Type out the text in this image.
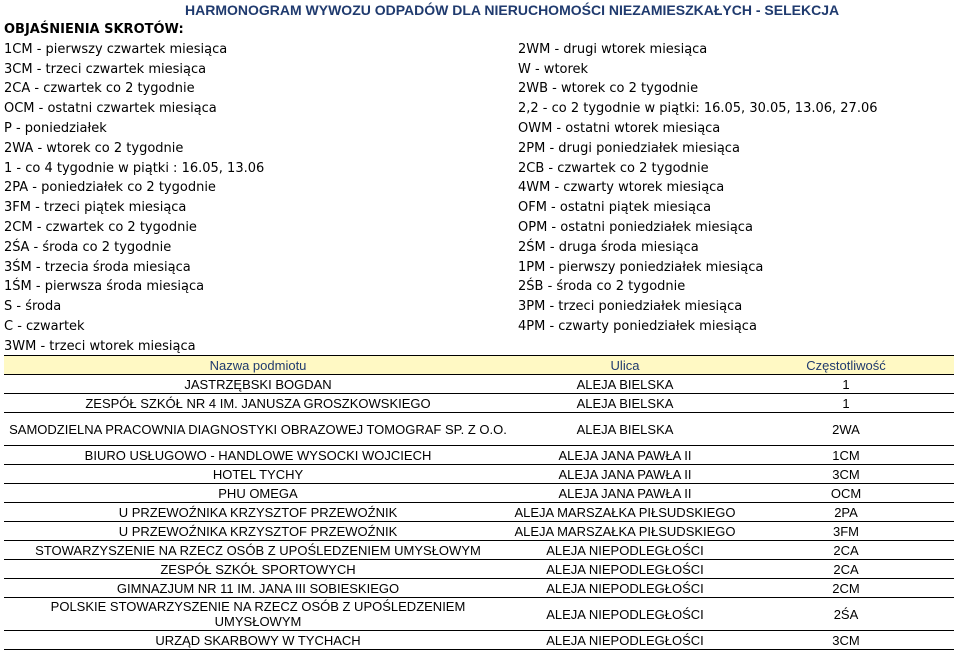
HARMONOGRAM WYWOZU ODPADÓW DLA NIERUCHOMOŚCI NIEZAMIESZKAŁYCH - SELEKCJA
OBJAŚNIENIA SKROTÓW:
1CM - pierwszy czwartek miesiąca
3CM - trzeci czwartek miesiąca
2CA - czwartek co 2 tygodnie
OCM - ostatni czwartek miesiąca
P - poniedziałek
2WA - wtorek co 2 tygodnie
1 - co 4 tygodnie w piątki : 16.05, 13.06
2PA - poniedziałek co 2 tygodnie
3FM - trzeci piątek miesiąca
2CM - czwartek co 2 tygodnie
2ŚA - środa co 2 tygodnie
3ŚM - trzecia środa miesiąca
1ŚM - pierwsza środa miesiąca
S - środa
C - czwartek
3WM - trzeci wtorek miesiąca
2WM - drugi wtorek miesiąca
W - wtorek
2WB - wtorek co 2 tygodnie
2,2 - co 2 tygodnie w piątki: 16.05, 30.05, 13.06, 27.06
OWM - ostatni wtorek miesiąca
2PM - drugi poniedziałek miesiąca
2CB - czwartek co 2 tygodnie
4WM - czwarty wtorek miesiąca
OFM - ostatni piątek miesiąca
OPM - ostatni poniedziałek miesiąca
2ŚM - druga środa miesiąca
1PM - pierwszy poniedziałek miesiąca
2ŚB - środa co 2 tygodnie
3PM - trzeci poniedziałek miesiąca
4PM - czwarty poniedziałek miesiąca
Nazwa podmiotu	Ulica	Częstotliwość
JASTRZĘBSKI BOGDAN	ALEJA BIELSKA	1
ZESPÓŁ SZKÓŁ NR 4 IM. JANUSZA GROSZKOWSKIEGO	ALEJA BIELSKA	1
SAMODZIELNA PRACOWNIA DIAGNOSTYKI OBRAZOWEJ TOMOGRAF SP. Z O.O.	ALEJA BIELSKA	2WA
BIURO USŁUGOWO - HANDLOWE WYSOCKI WOJCIECH	ALEJA JANA PAWŁA II	1CM
HOTEL TYCHY	ALEJA JANA PAWŁA II	3CM
PHU OMEGA	ALEJA JANA PAWŁA II	OCM
U PRZEWOŹNIKA KRZYSZTOF PRZEWOŹNIK	ALEJA MARSZAŁKA PIŁSUDSKIEGO	2PA
U PRZEWOŹNIKA KRZYSZTOF PRZEWOŹNIK	ALEJA MARSZAŁKA PIŁSUDSKIEGO	3FM
STOWARZYSZENIE NA RZECZ OSÓB Z UPOŚLEDZENIEM UMYSŁOWYM	ALEJA NIEPODLEGŁOŚCI	2CA
ZESPÓŁ SZKÓŁ SPORTOWYCH	ALEJA NIEPODLEGŁOŚCI	2CA
GIMNAZJUM NR 11 IM. JANA III SOBIESKIEGO	ALEJA NIEPODLEGŁOŚCI	2CM
POLSKIE STOWARZYSZENIE NA RZECZ OSÓB Z UPOŚLEDZENIEM UMYSŁOWYM	ALEJA NIEPODLEGŁOŚCI	2ŚA
URZĄD SKARBOWY W TYCHACH	ALEJA NIEPODLEGŁOŚCI	3CM
